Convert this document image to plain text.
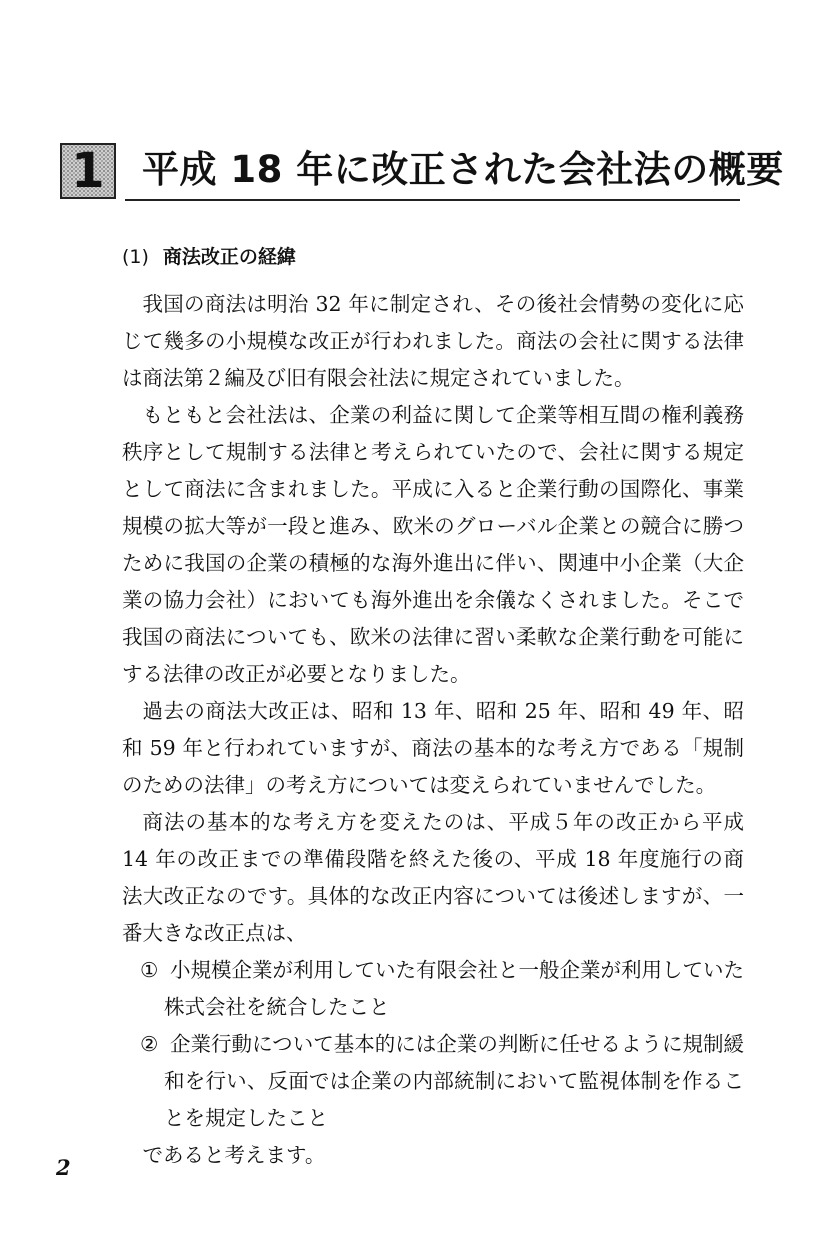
1	平成 18 年に改正された会社法の概要
(1) 商法改正の経緯

我国の商法は明治 32 年に制定され、その後社会情勢の変化に応じて幾多の小規模な改正が行われました。商法の会社に関する法律は商法第２編及び旧有限会社法に規定されていました。

もともと会社法は、企業の利益に関して企業等相互間の権利義務秩序として規制する法律と考えられていたので、会社に関する規定として商法に含まれました。平成に入ると企業行動の国際化、事業規模の拡大等が一段と進み、欧米のグローバル企業との競合に勝つために我国の企業の積極的な海外進出に伴い、関連中小企業（大企業の協力会社）においても海外進出を余儀なくされました。そこで我国の商法についても、欧米の法律に習い柔軟な企業行動を可能にする法律の改正が必要となりました。

過去の商法大改正は、昭和 13 年、昭和 25 年、昭和 49 年、昭和 59 年と行われていますが、商法の基本的な考え方である「規制のための法律」の考え方については変えられていませんでした。

商法の基本的な考え方を変えたのは、平成５年の改正から平成 14 年の改正までの準備段階を終えた後の、平成 18 年度施行の商法大改正なのです。具体的な改正内容については後述しますが、一番大きな改正点は、

① 小規模企業が利用していた有限会社と一般企業が利用していた株式会社を統合したこと
② 企業行動について基本的には企業の判断に任せるように規制緩和を行い、反面では企業の内部統制において監視体制を作ることを規定したこと

であると考えます。

2
